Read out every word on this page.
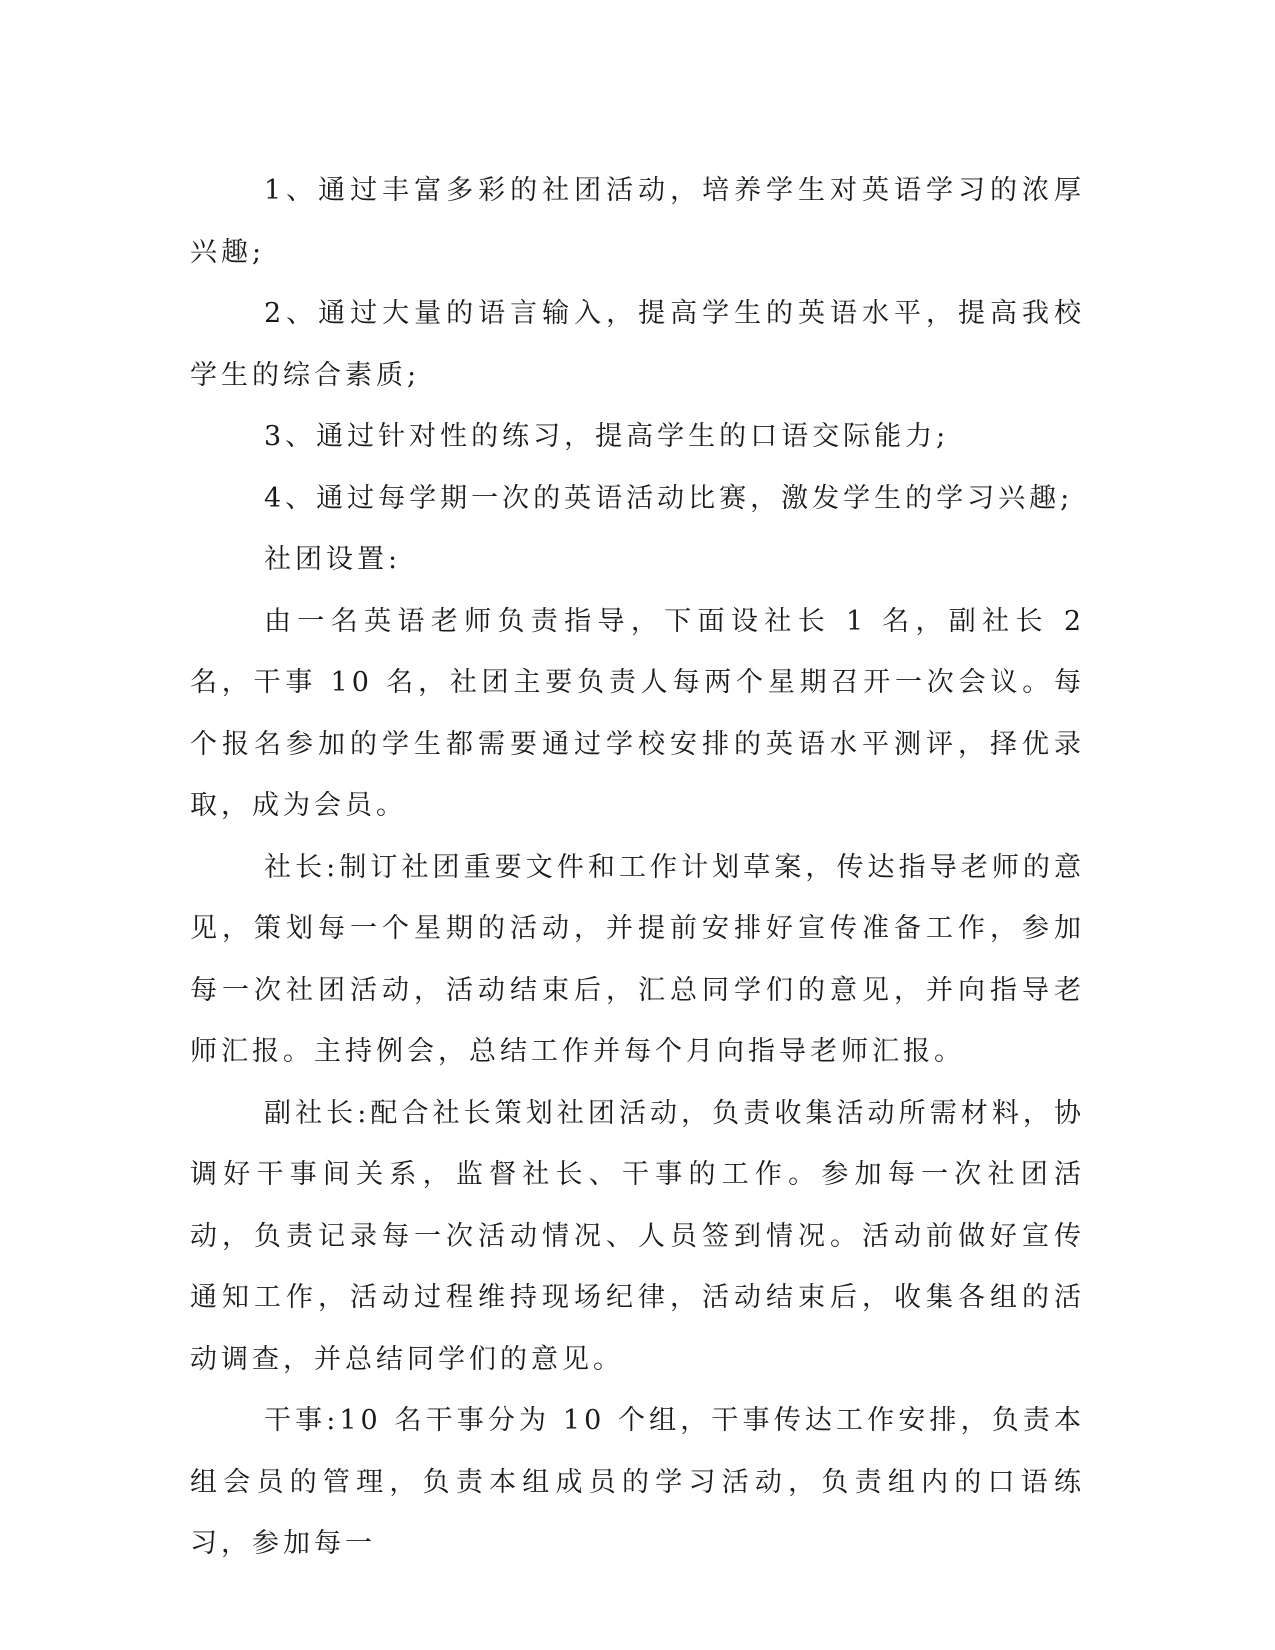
1、通过丰富多彩的社团活动，培养学生对英语学习的浓厚兴趣;

2、通过大量的语言输入，提高学生的英语水平，提高我校学生的综合素质;

3、通过针对性的练习，提高学生的口语交际能力;

4、通过每学期一次的英语活动比赛，激发学生的学习兴趣;

社团设置:

由一名英语老师负责指导，下面设社长 1 名，副社长 2 名，干事 10 名，社团主要负责人每两个星期召开一次会议。每个报名参加的学生都需要通过学校安排的英语水平测评，择优录取，成为会员。

社长:制订社团重要文件和工作计划草案，传达指导老师的意见，策划每一个星期的活动，并提前安排好宣传准备工作，参加每一次社团活动，活动结束后，汇总同学们的意见，并向指导老师汇报。主持例会，总结工作并每个月向指导老师汇报。

副社长:配合社长策划社团活动，负责收集活动所需材料，协调好干事间关系，监督社长、干事的工作。参加每一次社团活动，负责记录每一次活动情况、人员签到情况。活动前做好宣传通知工作，活动过程维持现场纪律，活动结束后，收集各组的活动调查，并总结同学们的意见。

干事:10 名干事分为 10 个组，干事传达工作安排，负责本组会员的管理，负责本组成员的学习活动，负责组内的口语练习，参加每一
